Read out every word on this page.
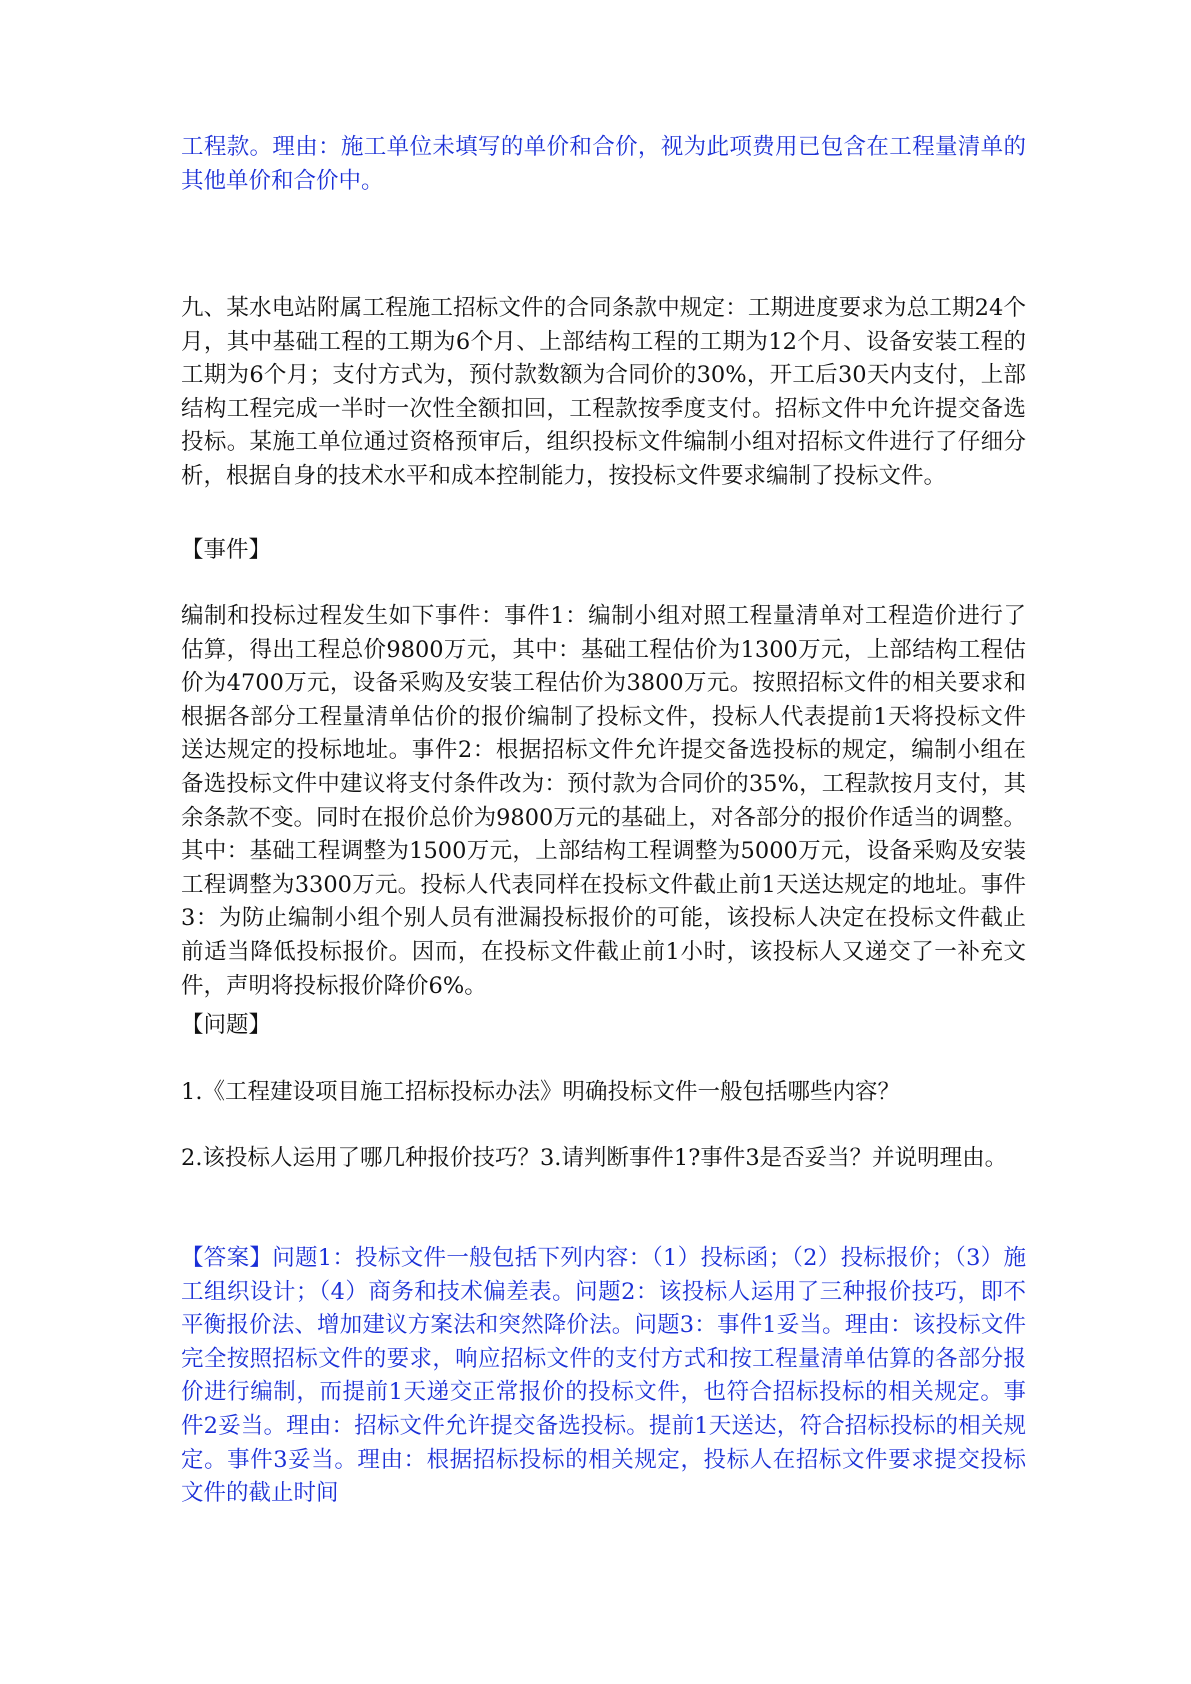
工程款。理由：施工单位未填写的单价和合价，视为此项费用已包含在工程量清单的其他单价和合价中。

九、某水电站附属工程施工招标文件的合同条款中规定：工期进度要求为总工期24个月，其中基础工程的工期为6个月、上部结构工程的工期为12个月、设备安装工程的工期为6个月；支付方式为，预付款数额为合同价的30%，开工后30天内支付，上部结构工程完成一半时一次性全额扣回，工程款按季度支付。招标文件中允许提交备选投标。某施工单位通过资格预审后，组织投标文件编制小组对招标文件进行了仔细分析，根据自身的技术水平和成本控制能力，按投标文件要求编制了投标文件。

【事件】

编制和投标过程发生如下事件：事件1：编制小组对照工程量清单对工程造价进行了估算，得出工程总价9800万元，其中：基础工程估价为1300万元，上部结构工程估价为4700万元，设备采购及安装工程估价为3800万元。按照招标文件的相关要求和根据各部分工程量清单估价的报价编制了投标文件，投标人代表提前1天将投标文件送达规定的投标地址。事件2：根据招标文件允许提交备选投标的规定，编制小组在备选投标文件中建议将支付条件改为：预付款为合同价的35%，工程款按月支付，其余条款不变。同时在报价总价为9800万元的基础上，对各部分的报价作适当的调整。其中：基础工程调整为1500万元，上部结构工程调整为5000万元，设备采购及安装工程调整为3300万元。投标人代表同样在投标文件截止前1天送达规定的地址。事件3：为防止编制小组个别人员有泄漏投标报价的可能，该投标人决定在投标文件截止前适当降低投标报价。因而，在投标文件截止前1小时，该投标人又递交了一补充文件，声明将投标报价降价6%。

【问题】

1.《工程建设项目施工招标投标办法》明确投标文件一般包括哪些内容？

2.该投标人运用了哪几种报价技巧？3.请判断事件1?事件3是否妥当？并说明理由。

【答案】问题1：投标文件一般包括下列内容：（1）投标函；（2）投标报价；（3）施工组织设计；（4）商务和技术偏差表。问题2：该投标人运用了三种报价技巧，即不平衡报价法、增加建议方案法和突然降价法。问题3：事件1妥当。理由：该投标文件完全按照招标文件的要求，响应招标文件的支付方式和按工程量清单估算的各部分报价进行编制，而提前1天递交正常报价的投标文件，也符合招标投标的相关规定。事件2妥当。理由：招标文件允许提交备选投标。提前1天送达，符合招标投标的相关规定。事件3妥当。理由：根据招标投标的相关规定，投标人在招标文件要求提交投标文件的截止时间
